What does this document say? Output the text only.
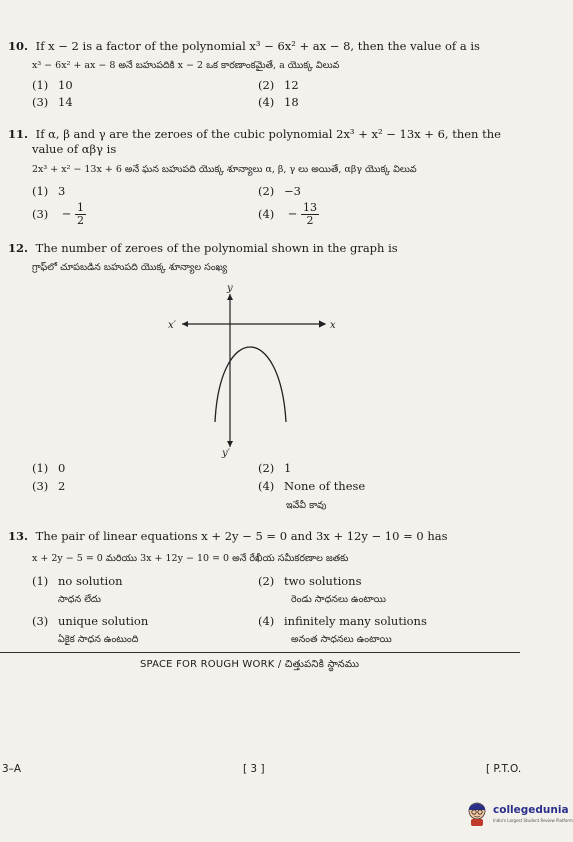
10. If x − 2 is a factor of the polynomial x³ − 6x² + ax − 8, then the value of a is
x³ − 6x² + ax − 8 అనే బహుపదికి x − 2 ఒక కారణాంకమైతే, a యొక్క విలువ
(1) 10	(2) 12
(3) 14	(4) 18
11. If α, β and γ are the zeroes of the cubic polynomial 2x³ + x² − 13x + 6, then the
value of αβγ is
2x³ + x² − 13x + 6 అనే ఘన బహుపది యొక్క శూన్యాలు α, β, γ లు అయితే, αβγ యొక్క విలువ
(1) 3	(2) −3
$(3) - \frac{1}{2}$	$(4) - \frac{13}{2}$
12. The number of zeroes of the polynomial shown in the graph is
గ్రాఫ్‌లో చూపబడిన బహుపది యొక్క శూన్యాల సంఖ్య
y
y′
x′	x
(1) 0	(2) 1
(3) 2	(4) None of these
ఇవేవీ కావు
13. The pair of linear equations x + 2y − 5 = 0 and 3x + 12y − 10 = 0 has
x + 2y − 5 = 0 మరియు 3x + 12y − 10 = 0 అనే రేఖీయ సమీకరణాల జతకు
(1) no solution	(2) two solutions
సాధన లేదు	రెండు సాధనలు ఉంటాయి
(3) unique solution	(4) infinitely many solutions
ఏకైక సాధన ఉంటుంది	అనంత సాధనలు ఉంటాయి
SPACE FOR ROUGH WORK / చిత్తుపనికి స్థానము
3–A	[ 3 ]	[ P.T.O.
collegedunia
India's Largest Student Review Platform
